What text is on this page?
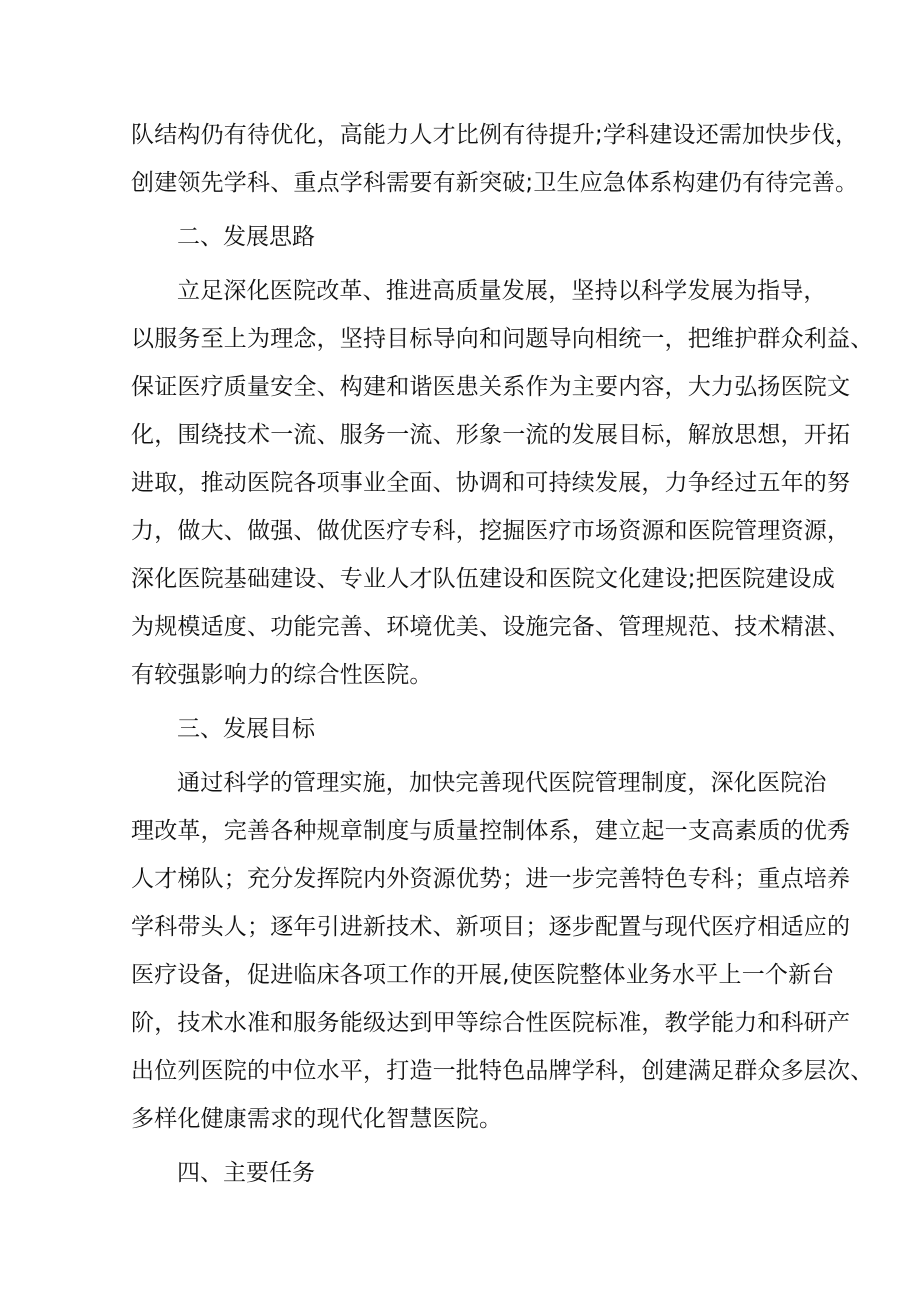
队结构仍有待优化，高能力人才比例有待提升;学科建设还需加快步伐，
创建领先学科、重点学科需要有新突破;卫生应急体系构建仍有待完善。
二、发展思路
立足深化医院改革、推进高质量发展，坚持以科学发展为指导，
以服务至上为理念，坚持目标导向和问题导向相统一，把维护群众利益、
保证医疗质量安全、构建和谐医患关系作为主要内容，大力弘扬医院文
化，围绕技术一流、服务一流、形象一流的发展目标，解放思想，开拓
进取，推动医院各项事业全面、协调和可持续发展，力争经过五年的努
力，做大、做强、做优医疗专科，挖掘医疗市场资源和医院管理资源，
深化医院基础建设、专业人才队伍建设和医院文化建设;把医院建设成
为规模适度、功能完善、环境优美、设施完备、管理规范、技术精湛、
有较强影响力的综合性医院。
三、发展目标
通过科学的管理实施，加快完善现代医院管理制度，深化医院治
理改革，完善各种规章制度与质量控制体系，建立起一支高素质的优秀
人才梯队；充分发挥院内外资源优势；进一步完善特色专科；重点培养
学科带头人；逐年引进新技术、新项目；逐步配置与现代医疗相适应的
医疗设备，促进临床各项工作的开展,使医院整体业务水平上一个新台
阶，技术水准和服务能级达到甲等综合性医院标准，教学能力和科研产
出位列医院的中位水平，打造一批特色品牌学科，创建满足群众多层次、
多样化健康需求的现代化智慧医院。
四、主要任务
